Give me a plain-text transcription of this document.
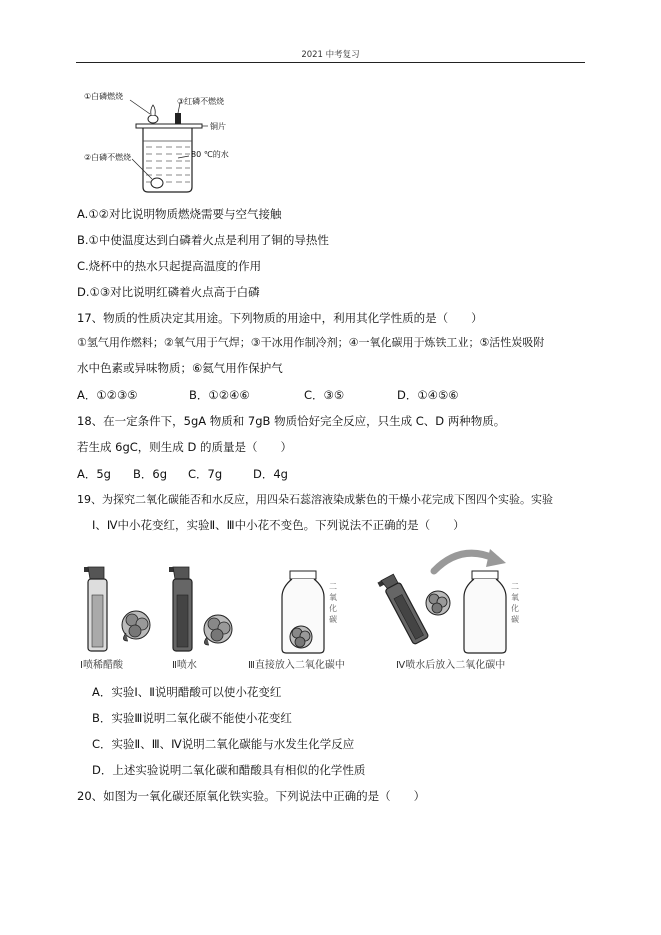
2021 中考复习
①白磷燃烧
③红磷不燃烧
铜片
②白磷不燃烧	80 ℃的水
A.①②对比说明物质燃烧需要与空气接触
B.①中使温度达到白磷着火点是利用了铜的导热性
C.烧杯中的热水只起提高温度的作用
D.①③对比说明红磷着火点高于白磷
17、物质的性质决定其用途。下列物质的用途中，利用其化学性质的是（　　）
①氢气用作燃料；②氧气用于气焊；③干冰用作制冷剂；④一氧化碳用于炼铁工业；⑤活性炭吸附
水中色素或异味物质；⑥氦气用作保护气
A．①②③⑤	B．①②④⑥	C．③⑤	D．①④⑤⑥
18、在一定条件下，5gA 物质和 7gB 物质恰好完全反应，只生成 C、D 两种物质。
若生成 6gC，则生成 D 的质量是（　　）
A．5g B．6g C．7g	D．4g
19、为探究二氧化碳能否和水反应，用四朵石蕊溶液染成紫色的干燥小花完成下图四个实验。实验
Ⅰ、Ⅳ中小花变红，实验Ⅱ、Ⅲ中小花不变色。下列说法不正确的是（　　）
二氧化碳
二氧化碳
Ⅰ喷稀醋酸	Ⅱ喷水	Ⅲ直接放入二氧化碳中	Ⅳ喷水后放入二氧化碳中
A．实验Ⅰ、Ⅱ说明醋酸可以使小花变红
B．实验Ⅲ说明二氧化碳不能使小花变红
C．实验Ⅱ、Ⅲ、Ⅳ说明二氧化碳能与水发生化学反应
D．上述实验说明二氧化碳和醋酸具有相似的化学性质
20、如图为一氧化碳还原氧化铁实验。下列说法中正确的是（　　）
